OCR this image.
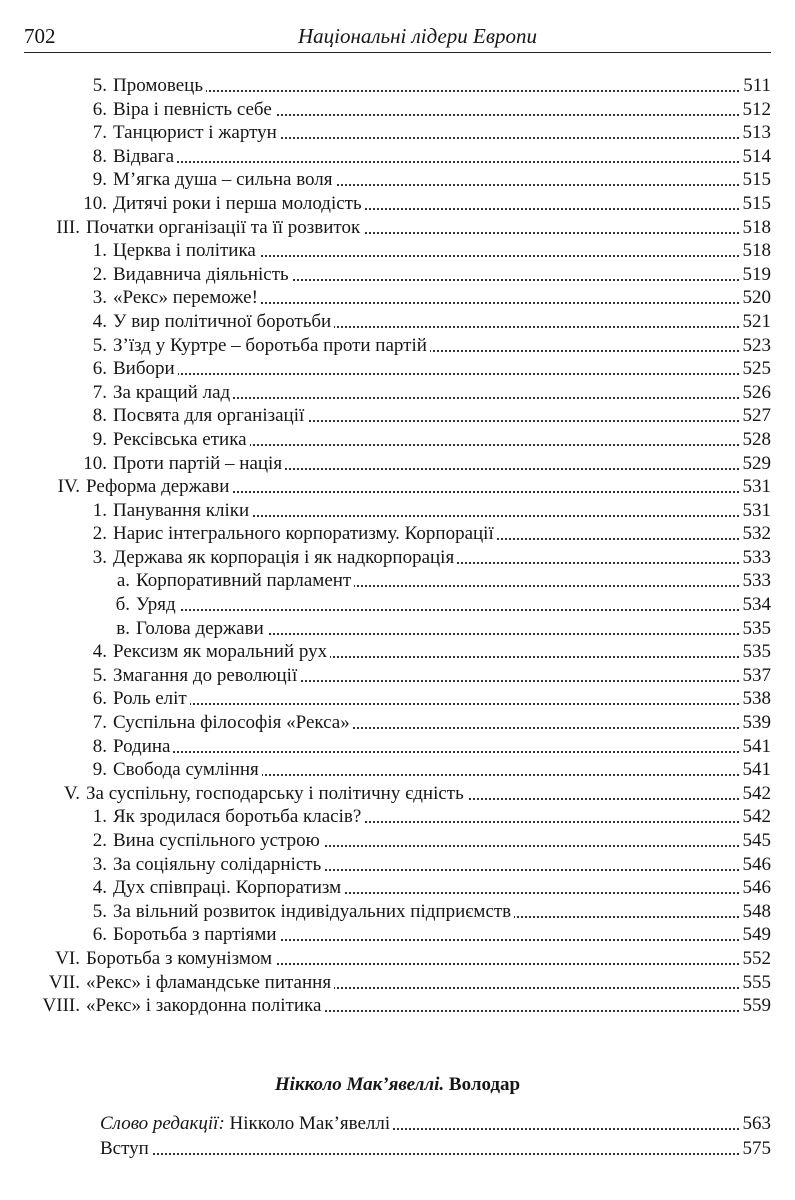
702	Національні лідери Европи
5. Промовець	511
6. Віра і певність себе	512
7. Танцюрист і жартун	513
8. Відвага	514
9. М’ягка душа – сильна воля	515
10. Дитячі роки і перша молодість	515
III. Початки організації та її розвиток	518
1. Церква і політика	518
2. Видавнича діяльність	519
3. «Рекс» переможе!	520
4. У вир політичної боротьби	521
5. З’їзд у Куртре – боротьба проти партій	523
6. Вибори	525
7. За кращий лад	526
8. Посвята для організації	527
9. Рексівська етика	528
10. Проти партій – нація	529
IV. Реформа держави	531
1. Панування кліки	531
2. Нарис інтегрального корпоратизму. Корпорації	532
3. Держава як корпорація і як надкорпорація	533
а. Корпоративний парламент	533
б. Уряд	534
в. Голова держави	535
4. Рексизм як моральний рух	535
5. Змагання до революції	537
6. Роль еліт	538
7. Суспільна філософія «Рекса»	539
8. Родина	541
9. Свобода сумління	541
V. За суспільну, господарську і політичну єдність	542
1. Як зродилася боротьба класів?	542
2. Вина суспільного устрою	545
3. За соціяльну солідарність	546
4. Дух співпраці. Корпоратизм	546
5. За вільний розвиток індивідуальних підприємств	548
6. Боротьба з партіями	549
VI. Боротьба з комунізмом	552
VII. «Рекс» і фламандське питання	555
VIII. «Рекс» і закордонна політика	559
Нікколо Мак’явеллі. Володар
Слово редакції: Нікколо Мак’явеллі	563
Вступ	575
